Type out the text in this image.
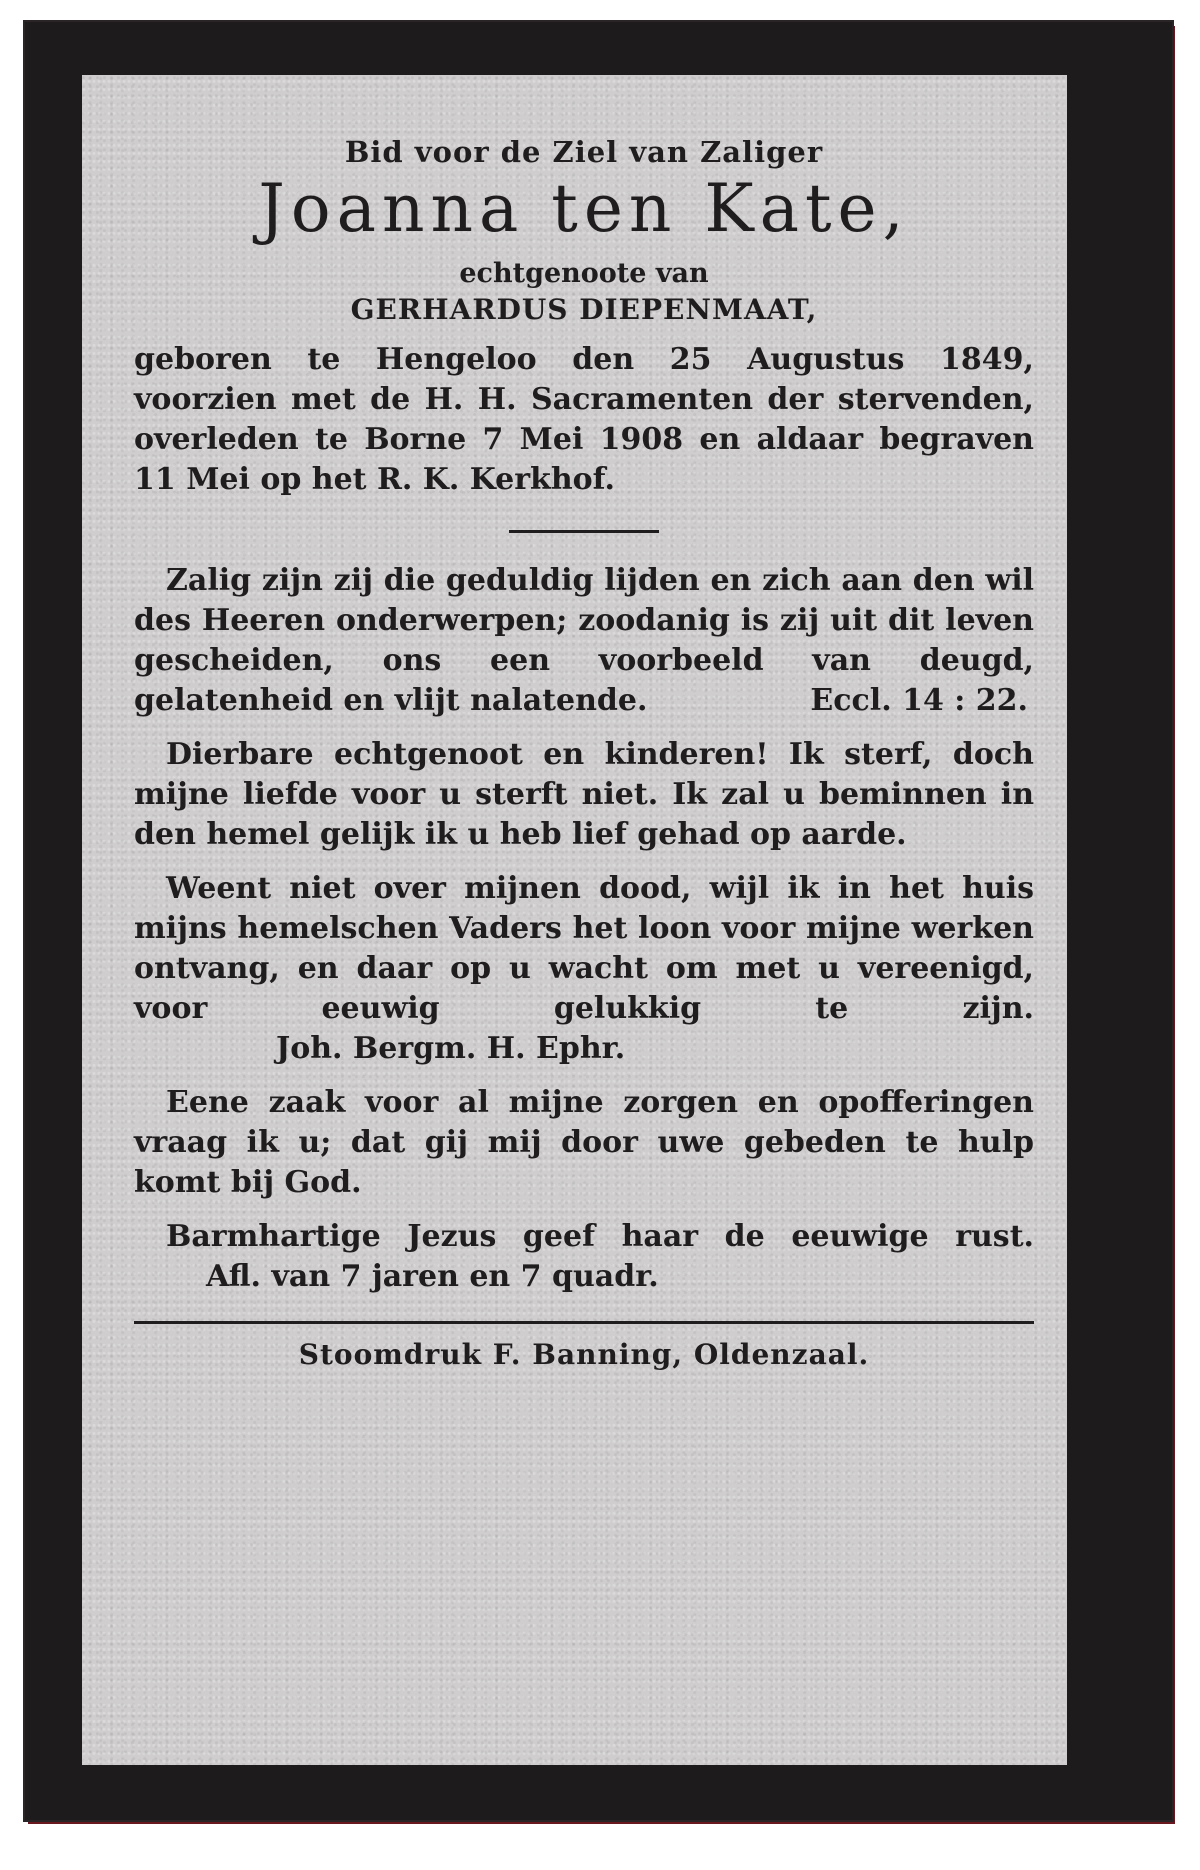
Bid voor de Ziel van Zaliger
Joanna ten Kate,
echtgenoote van
GERHARDUS DIEPENMAAT,

geboren te Hengeloo den 25 Augustus 1849, voorzien met de H. H. Sacramenten der stervenden, overleden te Borne 7 Mei 1908 en aldaar begraven 11 Mei op het R. K. Kerkhof.

Zalig zijn zij die geduldig lijden en zich aan den wil des Heeren onderwerpen; zoodanig is zij uit dit leven gescheiden, ons een voorbeeld van deugd, gelatenheid en vlijt nalatende.	Eccl. 14 : 22.

Dierbare echtgenoot en kinderen! Ik sterf, doch mijne liefde voor u sterft niet. Ik zal u beminnen in den hemel gelijk ik u heb lief gehad op aarde.

Weent niet over mijnen dood, wijl ik in het huis mijns hemelschen Vaders het loon voor mijne werken ontvang, en daar op u wacht om met u vereenigd, voor eeuwig gelukkig te zijn. Joh. Bergm. H. Ephr.

Eene zaak voor al mijne zorgen en opofferingen vraag ik u; dat gij mij door uwe gebeden te hulp komt bij God.

Barmhartige Jezus geef haar de eeuwige rust. Afl. van 7 jaren en 7 quadr.

Stoomdruk F. Banning, Oldenzaal.
